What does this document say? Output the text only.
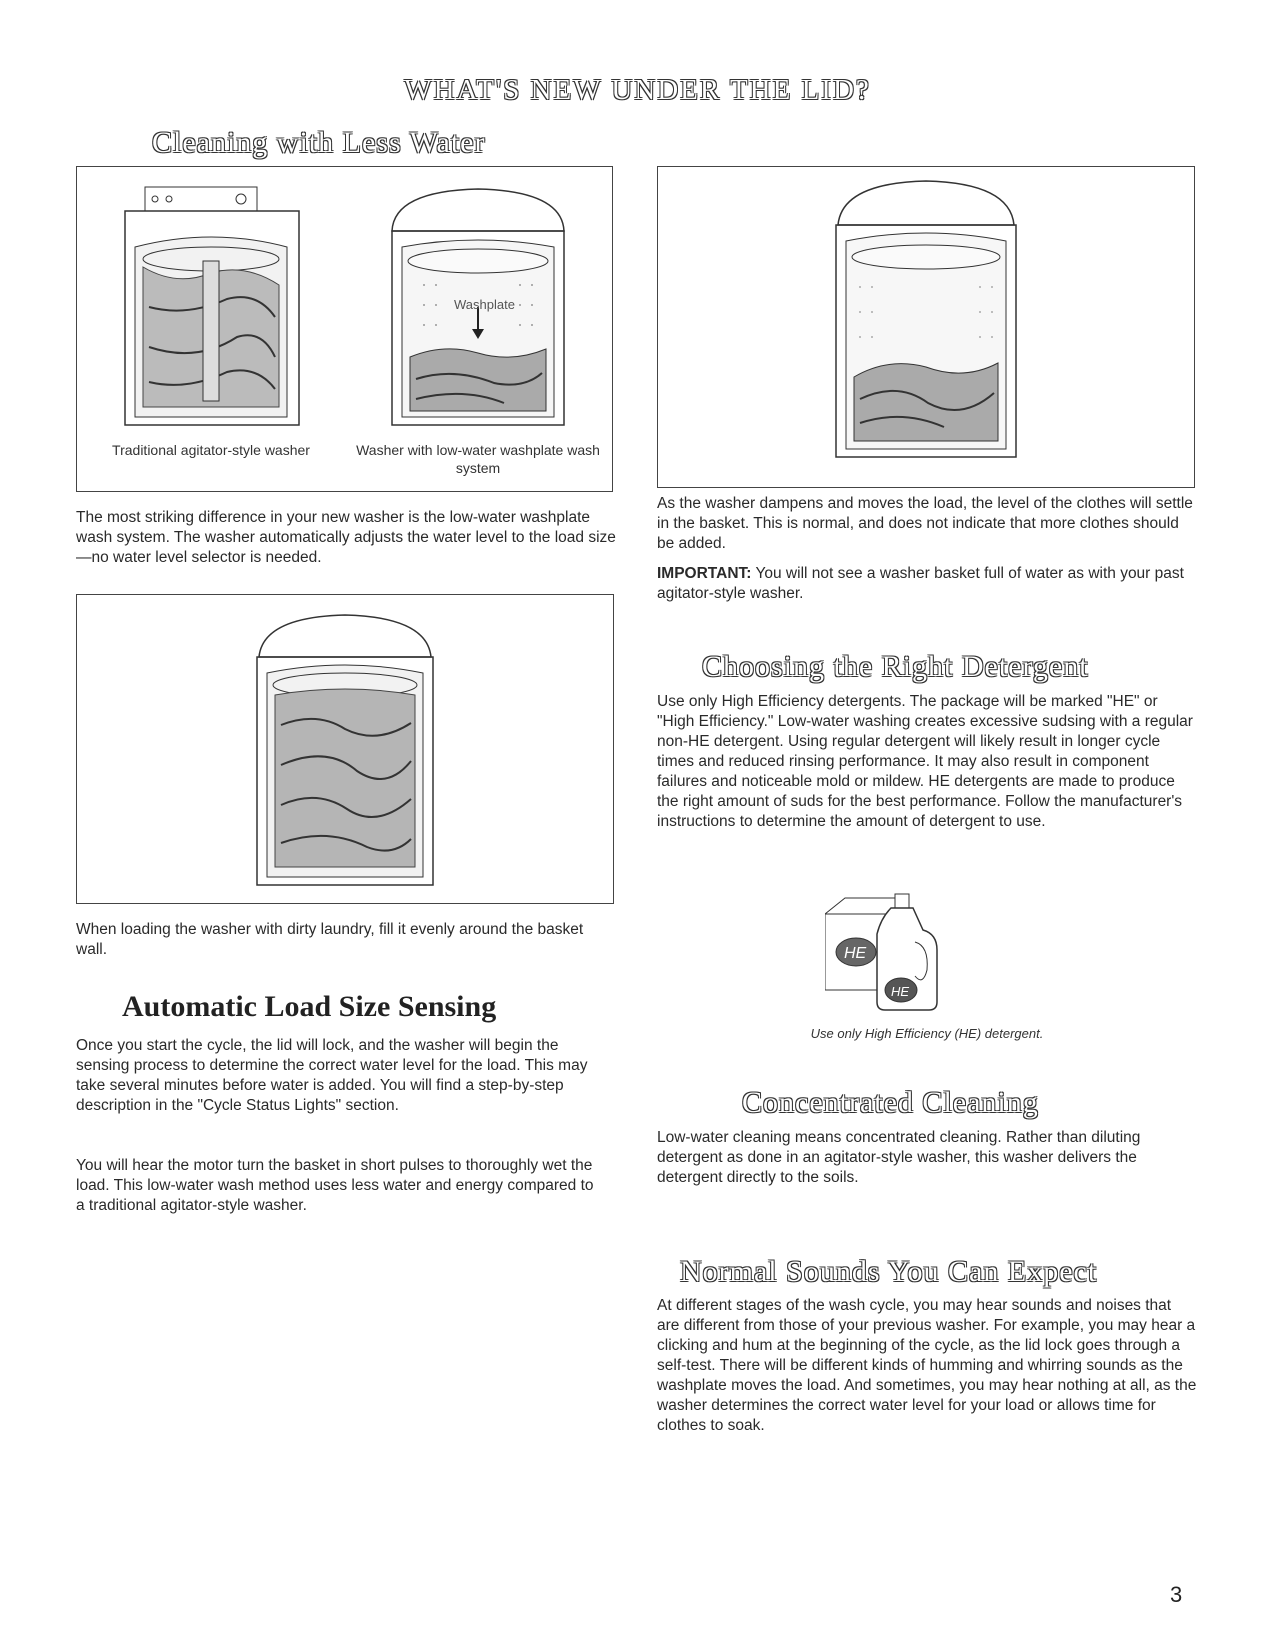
WHAT'S NEW UNDER THE LID?
Cleaning with Less Water
Traditional agitator-style washer
Washplate
Washer with low-water washplate wash system

The most striking difference in your new washer is the low-water washplate wash system. The washer automatically adjusts the water level to the load size—no water level selector is needed.

When loading the washer with dirty laundry, fill it evenly around the basket wall.

Automatic Load Size Sensing

Once you start the cycle, the lid will lock, and the washer will begin the sensing process to determine the correct water level for the load. This may take several minutes before water is added. You will find a step-by-step description in the "Cycle Status Lights" section.

You will hear the motor turn the basket in short pulses to thoroughly wet the load. This low-water wash method uses less water and energy compared to a traditional agitator-style washer.

As the washer dampens and moves the load, the level of the clothes will settle in the basket. This is normal, and does not indicate that more clothes should be added.

IMPORTANT: You will not see a washer basket full of water as with your past agitator-style washer.

Choosing the Right Detergent

Use only High Efficiency detergents. The package will be marked "HE" or "High Efficiency." Low-water washing creates excessive sudsing with a regular non-HE detergent. Using regular detergent will likely result in longer cycle times and reduced rinsing performance. It may also result in component failures and noticeable mold or mildew. HE detergents are made to produce the right amount of suds for the best performance. Follow the manufacturer's instructions to determine the amount of detergent to use.

HE
HE
Use only High Efficiency (HE) detergent.
Concentrated Cleaning

Low-water cleaning means concentrated cleaning. Rather than diluting detergent as done in an agitator-style washer, this washer delivers the detergent directly to the soils.

Normal Sounds You Can Expect

At different stages of the wash cycle, you may hear sounds and noises that are different from those of your previous washer. For example, you may hear a clicking and hum at the beginning of the cycle, as the lid lock goes through a self-test. There will be different kinds of humming and whirring sounds as the washplate moves the load. And sometimes, you may hear nothing at all, as the washer determines the correct water level for your load or allows time for clothes to soak.

3
